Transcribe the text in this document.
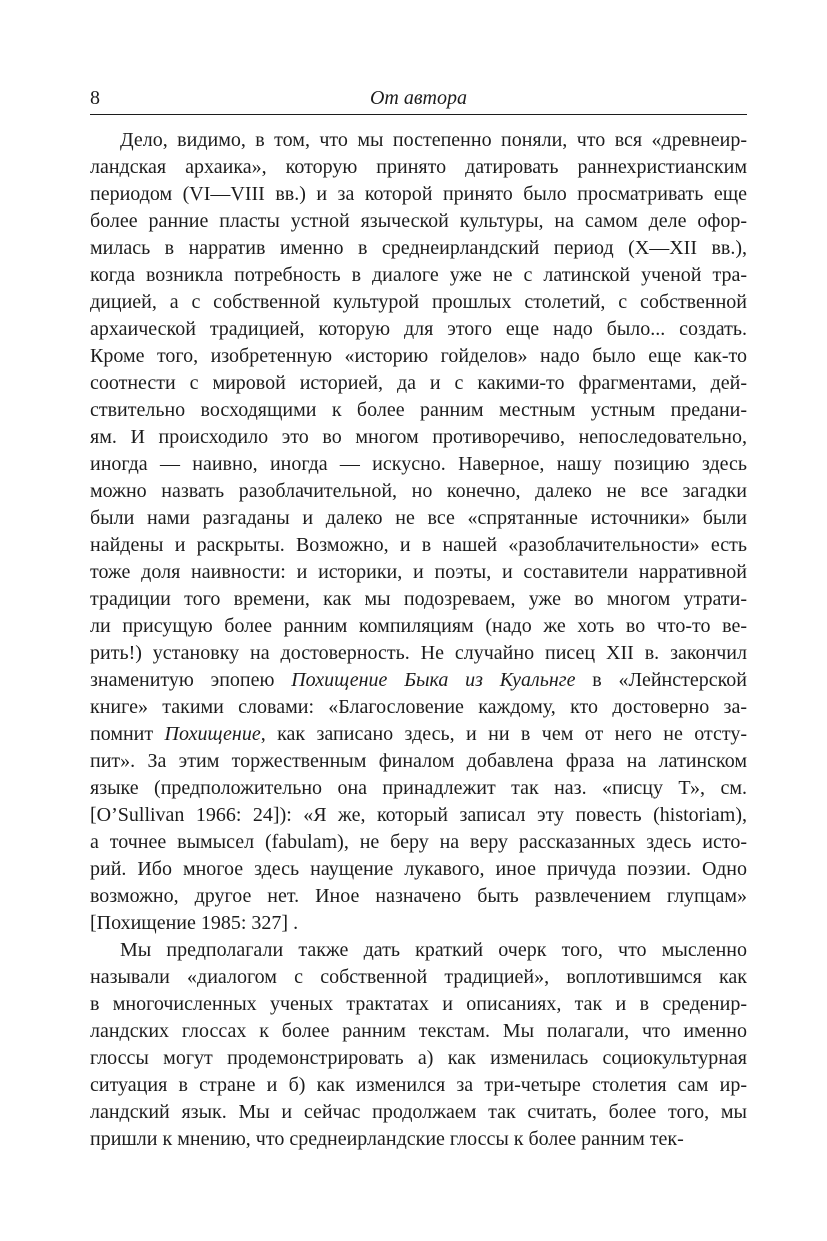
8	От автора
Дело, видимо, в том, что мы постепенно поняли, что вся «древнеир-
ландская архаика», которую принято датировать раннехристианским
периодом (VI—VIII вв.) и за которой принято было просматривать еще
более ранние пласты устной языческой культуры, на самом деле офор-
милась в нарратив именно в среднеирландский период (X—XII вв.),
когда возникла потребность в диалоге уже не с латинской ученой тра-
дицией, а с собственной культурой прошлых столетий, с собственной
архаической традицией, которую для этого еще надо было... создать.
Кроме того, изобретенную «историю гойделов» надо было еще как-то
соотнести с мировой историей, да и с какими-то фрагментами, дей-
ствительно восходящими к более ранним местным устным предани-
ям. И происходило это во многом противоречиво, непоследовательно,
иногда — наивно, иногда — искусно. Наверное, нашу позицию здесь
можно назвать разоблачительной, но конечно, далеко не все загадки
были нами разгаданы и далеко не все «спрятанные источники» были
найдены и раскрыты. Возможно, и в нашей «разоблачительности» есть
тоже доля наивности: и историки, и поэты, и составители нарративной
традиции того времени, как мы подозреваем, уже во многом утрати-
ли присущую более ранним компиляциям (надо же хоть во что-то ве-
рить!) установку на достоверность. Не случайно писец XII в. закончил
знаменитую эпопею Похищение Быка из Куальнге в «Лейнстерской
книге» такими словами: «Благословение каждому, кто достоверно за-
помнит Похищение, как записано здесь, и ни в чем от него не отсту-
пит». За этим торжественным финалом добавлена фраза на латинском
языке (предположительно она принадлежит так наз. «писцу Т», см.
[O’Sullivan 1966: 24]): «Я же, который записал эту повесть (historiam),
а точнее вымысел (fabulam), не беру на веру рассказанных здесь исто-
рий. Ибо многое здесь наущение лукавого, иное причуда поэзии. Одно
возможно, другое нет. Иное назначено быть развлечением глупцам»
[Похищение 1985: 327] .
Мы предполагали также дать краткий очерк того, что мысленно
называли «диалогом с собственной традицией», воплотившимся как
в многочисленных ученых трактатах и описаниях, так и в средениp-
ландских глоссах к более ранним текстам. Мы полагали, что именно
глоссы могут продемонстрировать а) как изменилась социокультурная
ситуация в стране и б) как изменился за три-четыре столетия сам ир-
ландский язык. Мы и сейчас продолжаем так считать, более того, мы
пришли к мнению, что среднеирландские глоссы к более ранним тек-
